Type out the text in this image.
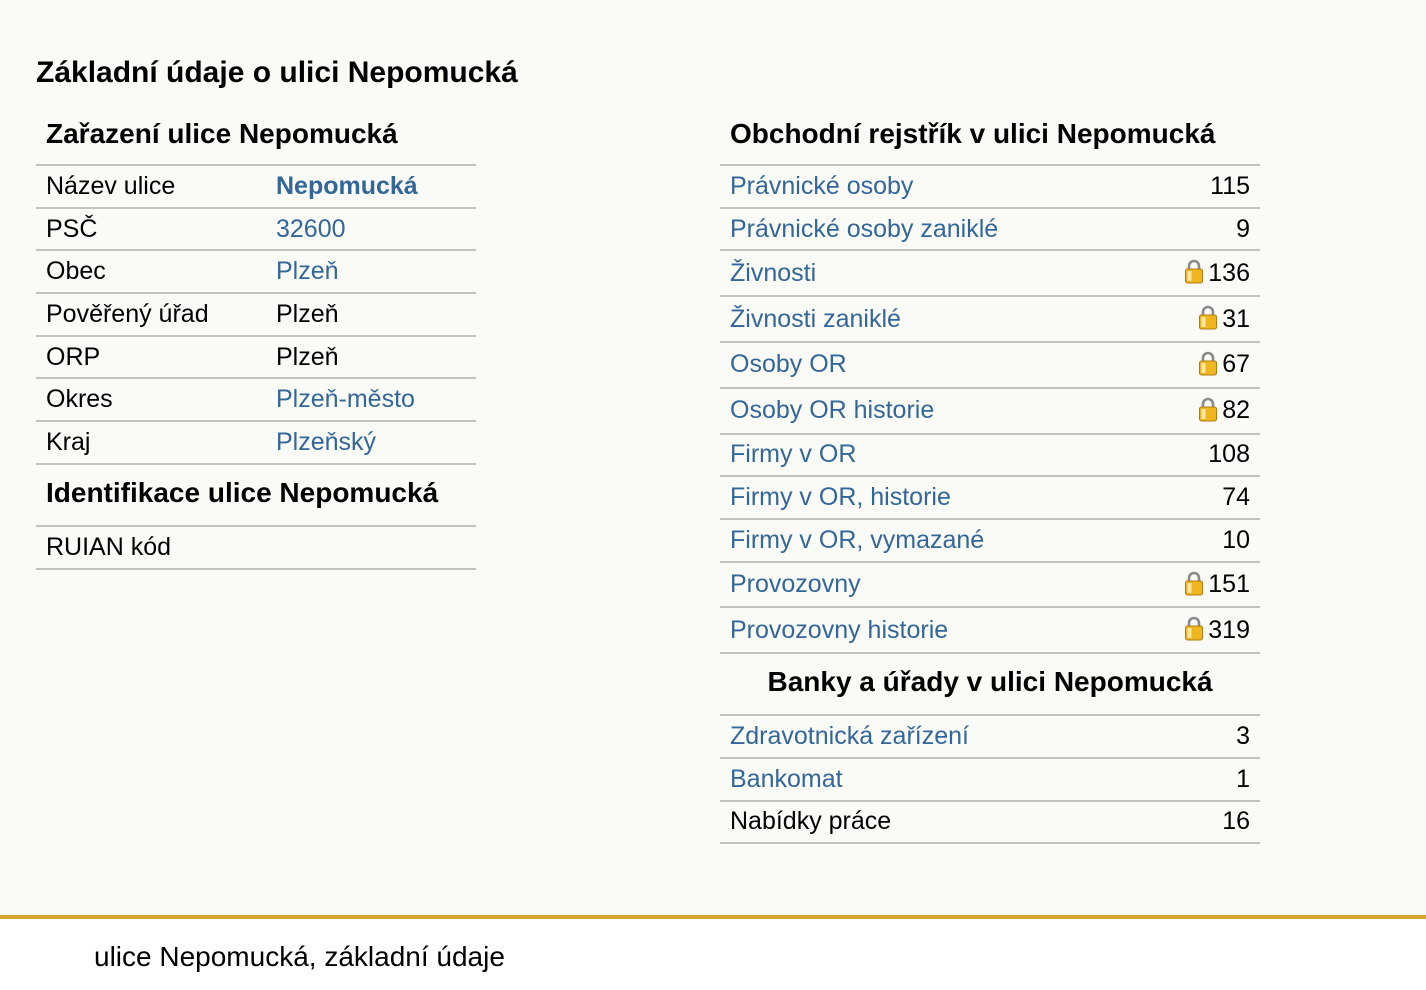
Základní údaje o ulici Nepomucká
Zařazení ulice Nepomucká
Název ulice	Nepomucká
PSČ	32600
Obec	Plzeň
Pověřený úřad	Plzeň
ORP	Plzeň
Okres	Plzeň-město
Kraj	Plzeňský
Identifikace ulice Nepomucká
RUIAN kód
Obchodní rejstřík v ulici Nepomucká
Právnické osoby	115
Právnické osoby zaniklé	9
Živnosti	136
Živnosti zaniklé	31
Osoby OR	67
Osoby OR historie	82
Firmy v OR	108
Firmy v OR, historie	74
Firmy v OR, vymazané	10
Provozovny	151
Provozovny historie	319
Banky a úřady v ulici Nepomucká
Zdravotnická zařízení	3
Bankomat	1
Nabídky práce	16
ulice Nepomucká, základní údaje
